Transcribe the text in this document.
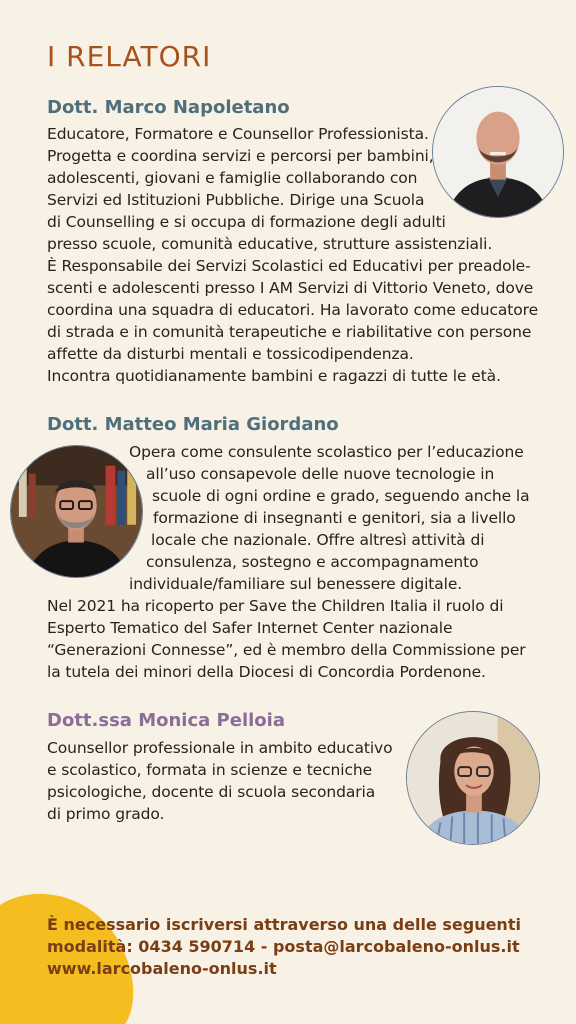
I RELATORI
Dott. Marco Napoletano
Educatore, Formatore e Counsellor Professionista.
Progetta e coordina servizi e percorsi per bambini,
adolescenti, giovani e famiglie collaborando con
Servizi ed Istituzioni Pubbliche. Dirige una Scuola
di Counselling e si occupa di formazione degli adulti
presso scuole, comunità educative, strutture assistenziali.
È Responsabile dei Servizi Scolastici ed Educativi per preadole-
scenti e adolescenti presso I AM Servizi di Vittorio Veneto, dove
coordina una squadra di educatori. Ha lavorato come educatore
di strada e in comunità terapeutiche e riabilitative con persone
affette da disturbi mentali e tossicodipendenza.
Incontra quotidianamente bambini e ragazzi di tutte le età.
Dott. Matteo Maria Giordano
Opera come consulente scolastico per l’educazione
all’uso consapevole delle nuove tecnologie in
scuole di ogni ordine e grado, seguendo anche la
formazione di insegnanti e genitori, sia a livello
locale che nazionale. Offre altresì attività di
consulenza, sostegno e accompagnamento
individuale/familiare sul benessere digitale.
Nel 2021 ha ricoperto per Save the Children Italia il ruolo di
Esperto Tematico del Safer Internet Center nazionale
“Generazioni Connesse”, ed è membro della Commissione per
la tutela dei minori della Diocesi di Concordia Pordenone.
Dott.ssa Monica Pelloia
Counsellor professionale in ambito educativo
e scolastico, formata in scienze e tecniche
psicologiche, docente di scuola secondaria
di primo grado.
È necessario iscriversi attraverso una delle seguenti
modalità: 0434 590714 - posta@larcobaleno-onlus.it
www.larcobaleno-onlus.it
